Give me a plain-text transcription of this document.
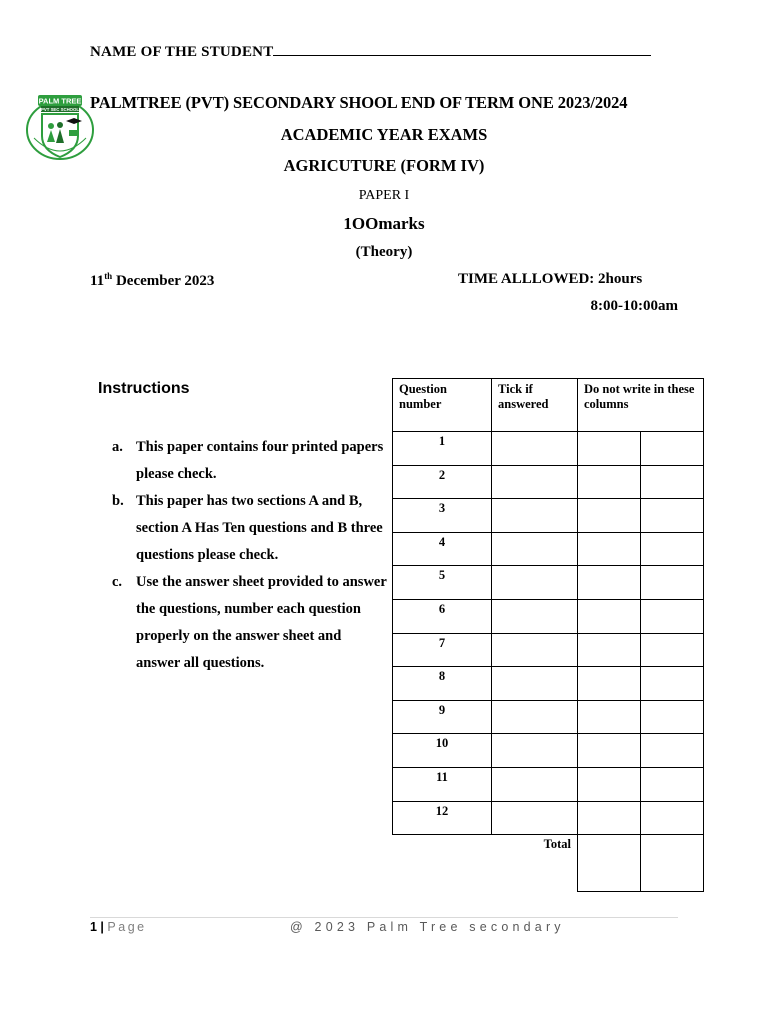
NAME OF THE STUDENT
PALM TREE
PVT SEC SCHOOL PALMTREE (PVT) SECONDARY SHOOL END OF TERM ONE 2023/2024
ACADEMIC YEAR EXAMS
AGRICUTURE (FORM IV)
PAPER I
1OOmarks
(Theory)
11th December 2023	TIME ALLLOWED: 2hours
8:00-10:00am
Instructions
a. This paper contains four printed papers please check.
b. This paper has two sections A and B, section A Has Ten questions and B three questions please check.
c. Use the answer sheet provided to answer the questions, number each question properly on the answer sheet and answer all questions.
Question number	Tick if answered	Do not write in these columns	
1			
2			
3			
4			
5			
6			
7			
8			
9			
10			
11			
12			
	Total		
1 | Page	@ 2023 Palm Tree secondary
